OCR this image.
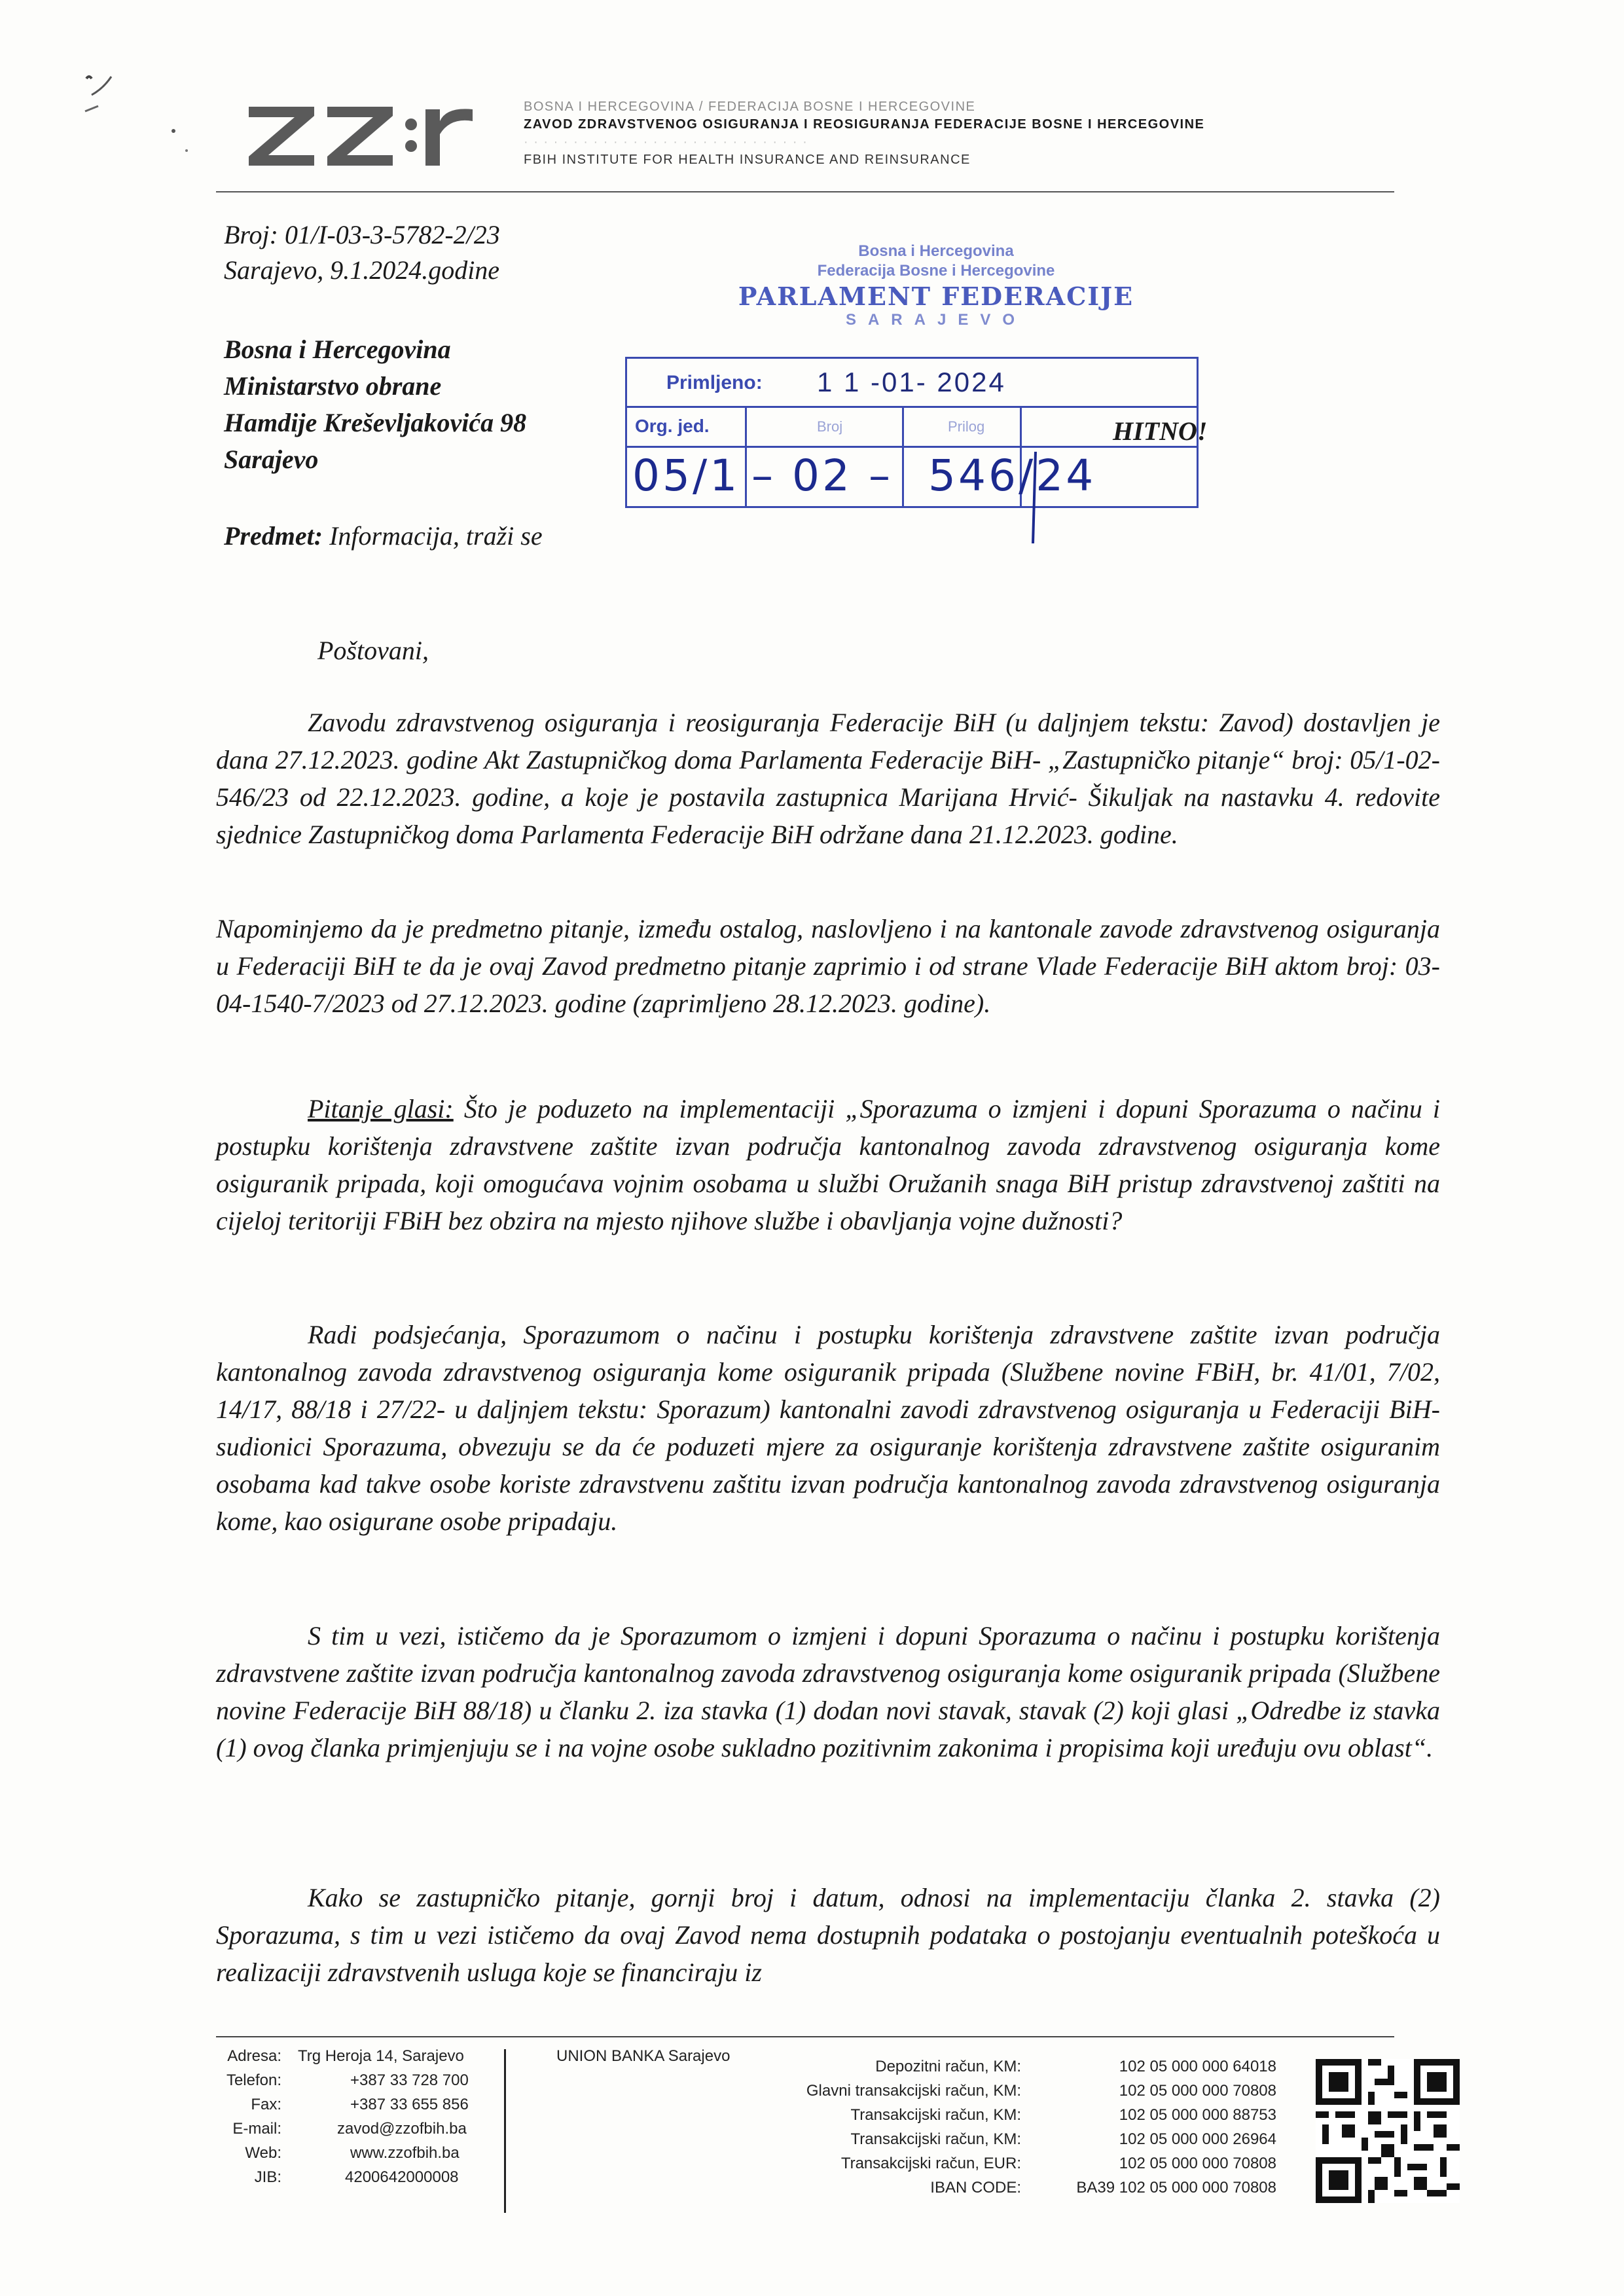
BOSNA I HERCEGOVINA / FEDERACIJA BOSNE I HERCEGOVINE
ZAVOD ZDRAVSTVENOG OSIGURANJA I REOSIGURANJA FEDERACIJE BOSNE I HERCEGOVINE
· · · · · · · · · · · · · · · · · · · · · · · · · · · · ·
FBIH INSTITUTE FOR HEALTH INSURANCE AND REINSURANCE
Broj: 01/I-03-3-5782-2/23
Sarajevo, 9.1.2024.godine
Bosna i Hercegovina
Ministarstvo obrane
Hamdije Kreševljakovića 98
Sarajevo
Bosna i Hercegovina
Federacija Bosne i Hercegovine
PARLAMENT FEDERACIJE
SARAJEVO
Primljeno: 1 1 -01- 2024
Org. jed.	Broj	Prilog
05/1 – 02 – 546/24
HITNO!
Predmet: Informacija, traži se
Poštovani,
Zavodu zdravstvenog osiguranja i reosiguranja Federacije BiH (u daljnjem tekstu: Zavod) dostavljen je dana 27.12.2023. godine Akt Zastupničkog doma Parlamenta Federacije BiH- „Zastupničko pitanje“ broj: 05/1-02-546/23 od 22.12.2023. godine, a koje je postavila zastupnica Marijana Hrvić- Šikuljak na nastavku 4. redovite sjednice Zastupničkog doma Parlamenta Federacije BiH održane dana 21.12.2023. godine.
Napominjemo da je predmetno pitanje, između ostalog, naslovljeno i na kantonale zavode zdravstvenog osiguranja u Federaciji BiH te da je ovaj Zavod predmetno pitanje zaprimio i od strane Vlade Federacije BiH aktom broj: 03-04-1540-7/2023 od 27.12.2023. godine (zaprimljeno 28.12.2023. godine).
Pitanje glasi: Što je poduzeto na implementaciji „Sporazuma o izmjeni i dopuni Sporazuma o načinu i postupku korištenja zdravstvene zaštite izvan područja kantonalnog zavoda zdravstvenog osiguranja kome osiguranik pripada, koji omogućava vojnim osobama u službi Oružanih snaga BiH pristup zdravstvenoj zaštiti na cijeloj teritoriji FBiH bez obzira na mjesto njihove službe i obavljanja vojne dužnosti?
Radi podsjećanja, Sporazumom o načinu i postupku korištenja zdravstvene zaštite izvan područja kantonalnog zavoda zdravstvenog osiguranja kome osiguranik pripada (Službene novine FBiH, br. 41/01, 7/02, 14/17, 88/18 i 27/22- u daljnjem tekstu: Sporazum) kantonalni zavodi zdravstvenog osiguranja u Federaciji BiH- sudionici Sporazuma, obvezuju se da će poduzeti mjere za osiguranje korištenja zdravstvene zaštite osiguranim osobama kad takve osobe koriste zdravstvenu zaštitu izvan područja kantonalnog zavoda zdravstvenog osiguranja kome, kao osigurane osobe pripadaju.
S tim u vezi, ističemo da je Sporazumom o izmjeni i dopuni Sporazuma o načinu i postupku korištenja zdravstvene zaštite izvan područja kantonalnog zavoda zdravstvenog osiguranja kome osiguranik pripada (Službene novine Federacije BiH 88/18) u članku 2. iza stavka (1) dodan novi stavak, stavak (2) koji glasi „Odredbe iz stavka (1) ovog članka primjenjuju se i na vojne osobe sukladno pozitivnim zakonima i propisima koji uređuju ovu oblast“.
Kako se zastupničko pitanje, gornji broj i datum, odnosi na implementaciju članka 2. stavka (2) Sporazuma, s tim u vezi ističemo da ovaj Zavod nema dostupnih podataka o postojanju eventualnih poteškoća u realizaciji zdravstvenih usluga koje se financiraju iz
Adresa:
Telefon:
Fax:
E-mail:
Web:
JIB:
Trg Heroja 14, Sarajevo
+387 33 728 700
+387 33 655 856
zavod@zzofbih.ba
www.zzofbih.ba
4200642000008
UNION BANKA Sarajevo
Depozitni račun, KM:
Glavni transakcijski račun, KM:
Transakcijski račun, KM:
Transakcijski račun, KM:
Transakcijski račun, EUR:
IBAN CODE:
102 05 000 000 64018
102 05 000 000 70808
102 05 000 000 88753
102 05 000 000 26964
102 05 000 000 70808
BA39 102 05 000 000 70808
